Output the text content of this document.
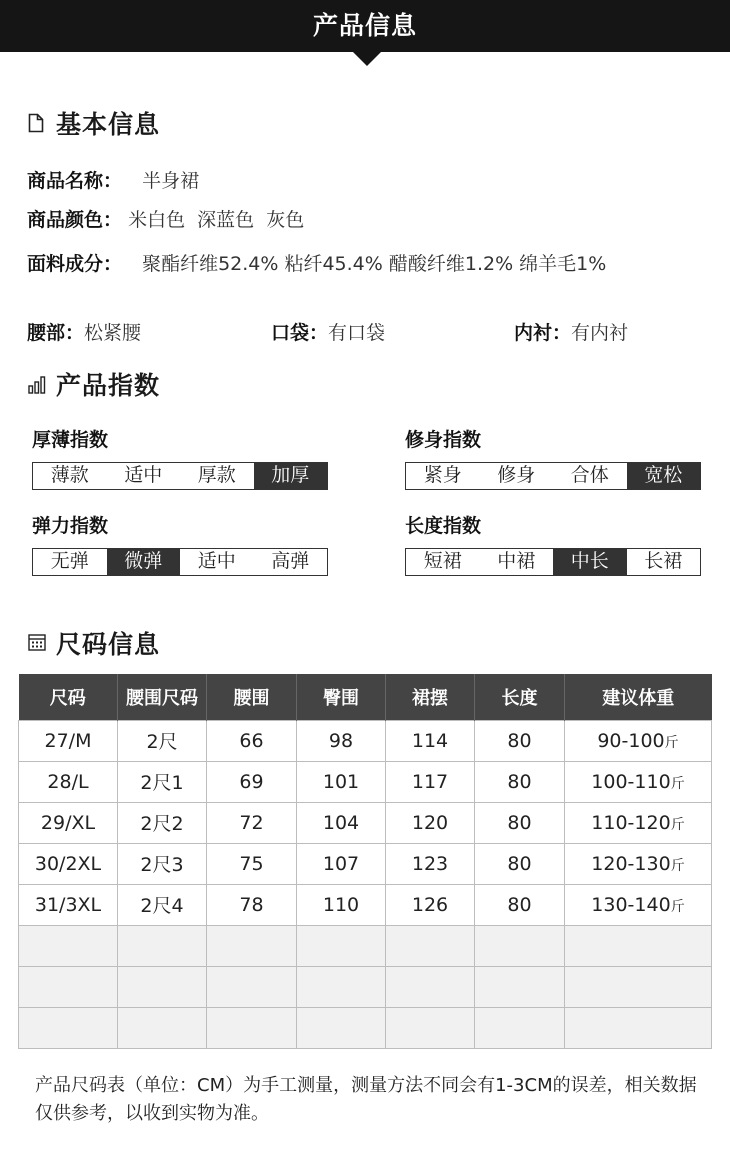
产品信息
基本信息
商品名称： 半身裙
商品颜色： 米白色  深蓝色  灰色
面料成分： 聚酯纤维52.4% 粘纤45.4% 醋酸纤维1.2% 绵羊毛1%
腰部：松紧腰	口袋：有口袋	内衬：有内衬
产品指数
厚薄指数
薄款	适中	厚款	加厚
修身指数
紧身	修身	合体	宽松
弹力指数
无弹	微弹	适中	高弹
长度指数
短裙	中裙	中长	长裙
尺码信息
尺码	腰围尺码	腰围	臀围	裙摆	长度	建议体重
27/M	2尺	66	98	114	80	90-100斤
28/L	2尺1	69	101	117	80	100-110斤
29/XL	2尺2	72	104	120	80	110-120斤
30/2XL	2尺3	75	107	123	80	120-130斤
31/3XL	2尺4	78	110	126	80	130-140斤

产品尺码表（单位：CM）为手工测量，测量方法不同会有1-3CM的误差，相关数据仅供参考，以收到实物为准。
